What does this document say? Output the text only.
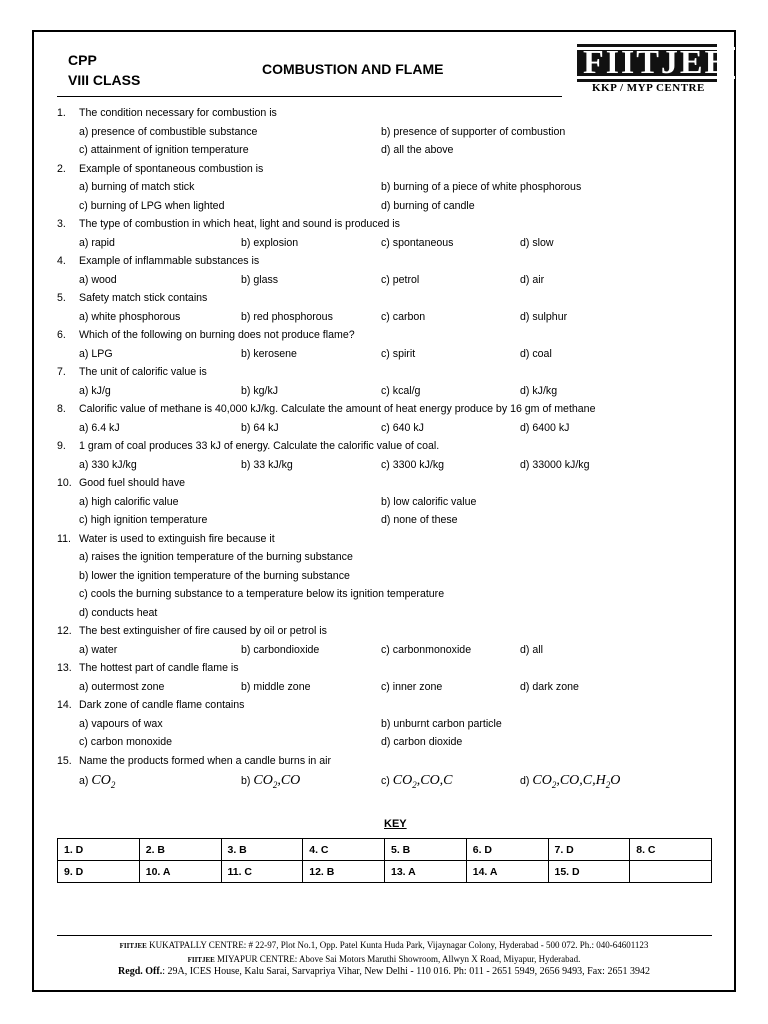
CPP
VIII CLASS
COMBUSTION AND FLAME	FIITJEE
KKP / MYP CENTRE
1. The condition necessary for combustion is
a) presence of combustible substance	b) presence of supporter of combustion
c) attainment of ignition temperature	d) all the above
2. Example of spontaneous combustion is
a) burning of match stick	b) burning of a piece of white phosphorous
c) burning of LPG when lighted	d) burning of candle
3. The type of combustion in which heat, light and sound is produced is
a) rapid	b) explosion	c) spontaneous	d) slow
4. Example of inflammable substances is
a) wood	b) glass	c) petrol	d) air
5. Safety match stick contains
a) white phosphorous	b) red phosphorous	c) carbon	d) sulphur
6. Which of the following on burning does not produce flame?
a) LPG	b) kerosene	c) spirit	d) coal
7. The unit of calorific value is
a) kJ/g	b) kg/kJ	c) kcal/g	d) kJ/kg
8. Calorific value of methane is 40,000 kJ/kg. Calculate the amount of heat energy produce by 16 gm of methane
a) 6.4 kJ	b) 64 kJ	c) 640 kJ	d) 6400 kJ
9. 1 gram of coal produces 33 kJ of energy. Calculate the calorific value of coal.
a) 330 kJ/kg	b) 33 kJ/kg	c) 3300 kJ/kg	d) 33000 kJ/kg
10. Good fuel should have
a) high calorific value	b) low calorific value
c) high ignition temperature	d) none of these
11. Water is used to extinguish fire because it
a) raises the ignition temperature of the burning substance
b) lower the ignition temperature of the burning substance
c) cools the burning substance to a temperature below its ignition temperature
d) conducts heat
12. The best extinguisher of fire caused by oil or petrol is
a) water	b) carbondioxide	c) carbonmonoxide	d) all
13. The hottest part of candle flame is
a) outermost zone	b) middle zone	c) inner zone	d) dark zone
14. Dark zone of candle flame contains
a) vapours of wax	b) unburnt carbon particle
c) carbon monoxide	d) carbon dioxide
15. Name the products formed when a candle burns in air
a) $CO_2$	b) $CO_2,CO$	c) $CO_2,CO,C$	d) $CO_2,CO,C,H_2O$
KEY
1. D	2. B	3. B	4. C	5. B	6. D	7. D	8. C
9. D	10. A	11. C	12. B	13. A	14. A	15. D	
FIITJEE KUKATPALLY CENTRE: # 22-97, Plot No.1, Opp. Patel Kunta Huda Park, Vijaynagar Colony, Hyderabad - 500 072. Ph.: 040-64601123
FIITJEE MIYAPUR CENTRE: Above Sai Motors Maruthi Showroom, Allwyn X Road, Miyapur, Hyderabad.
Regd. Off.: 29A, ICES House, Kalu Sarai, Sarvapriya Vihar, New Delhi - 110 016. Ph: 011 - 2651 5949, 2656 9493, Fax: 2651 3942
